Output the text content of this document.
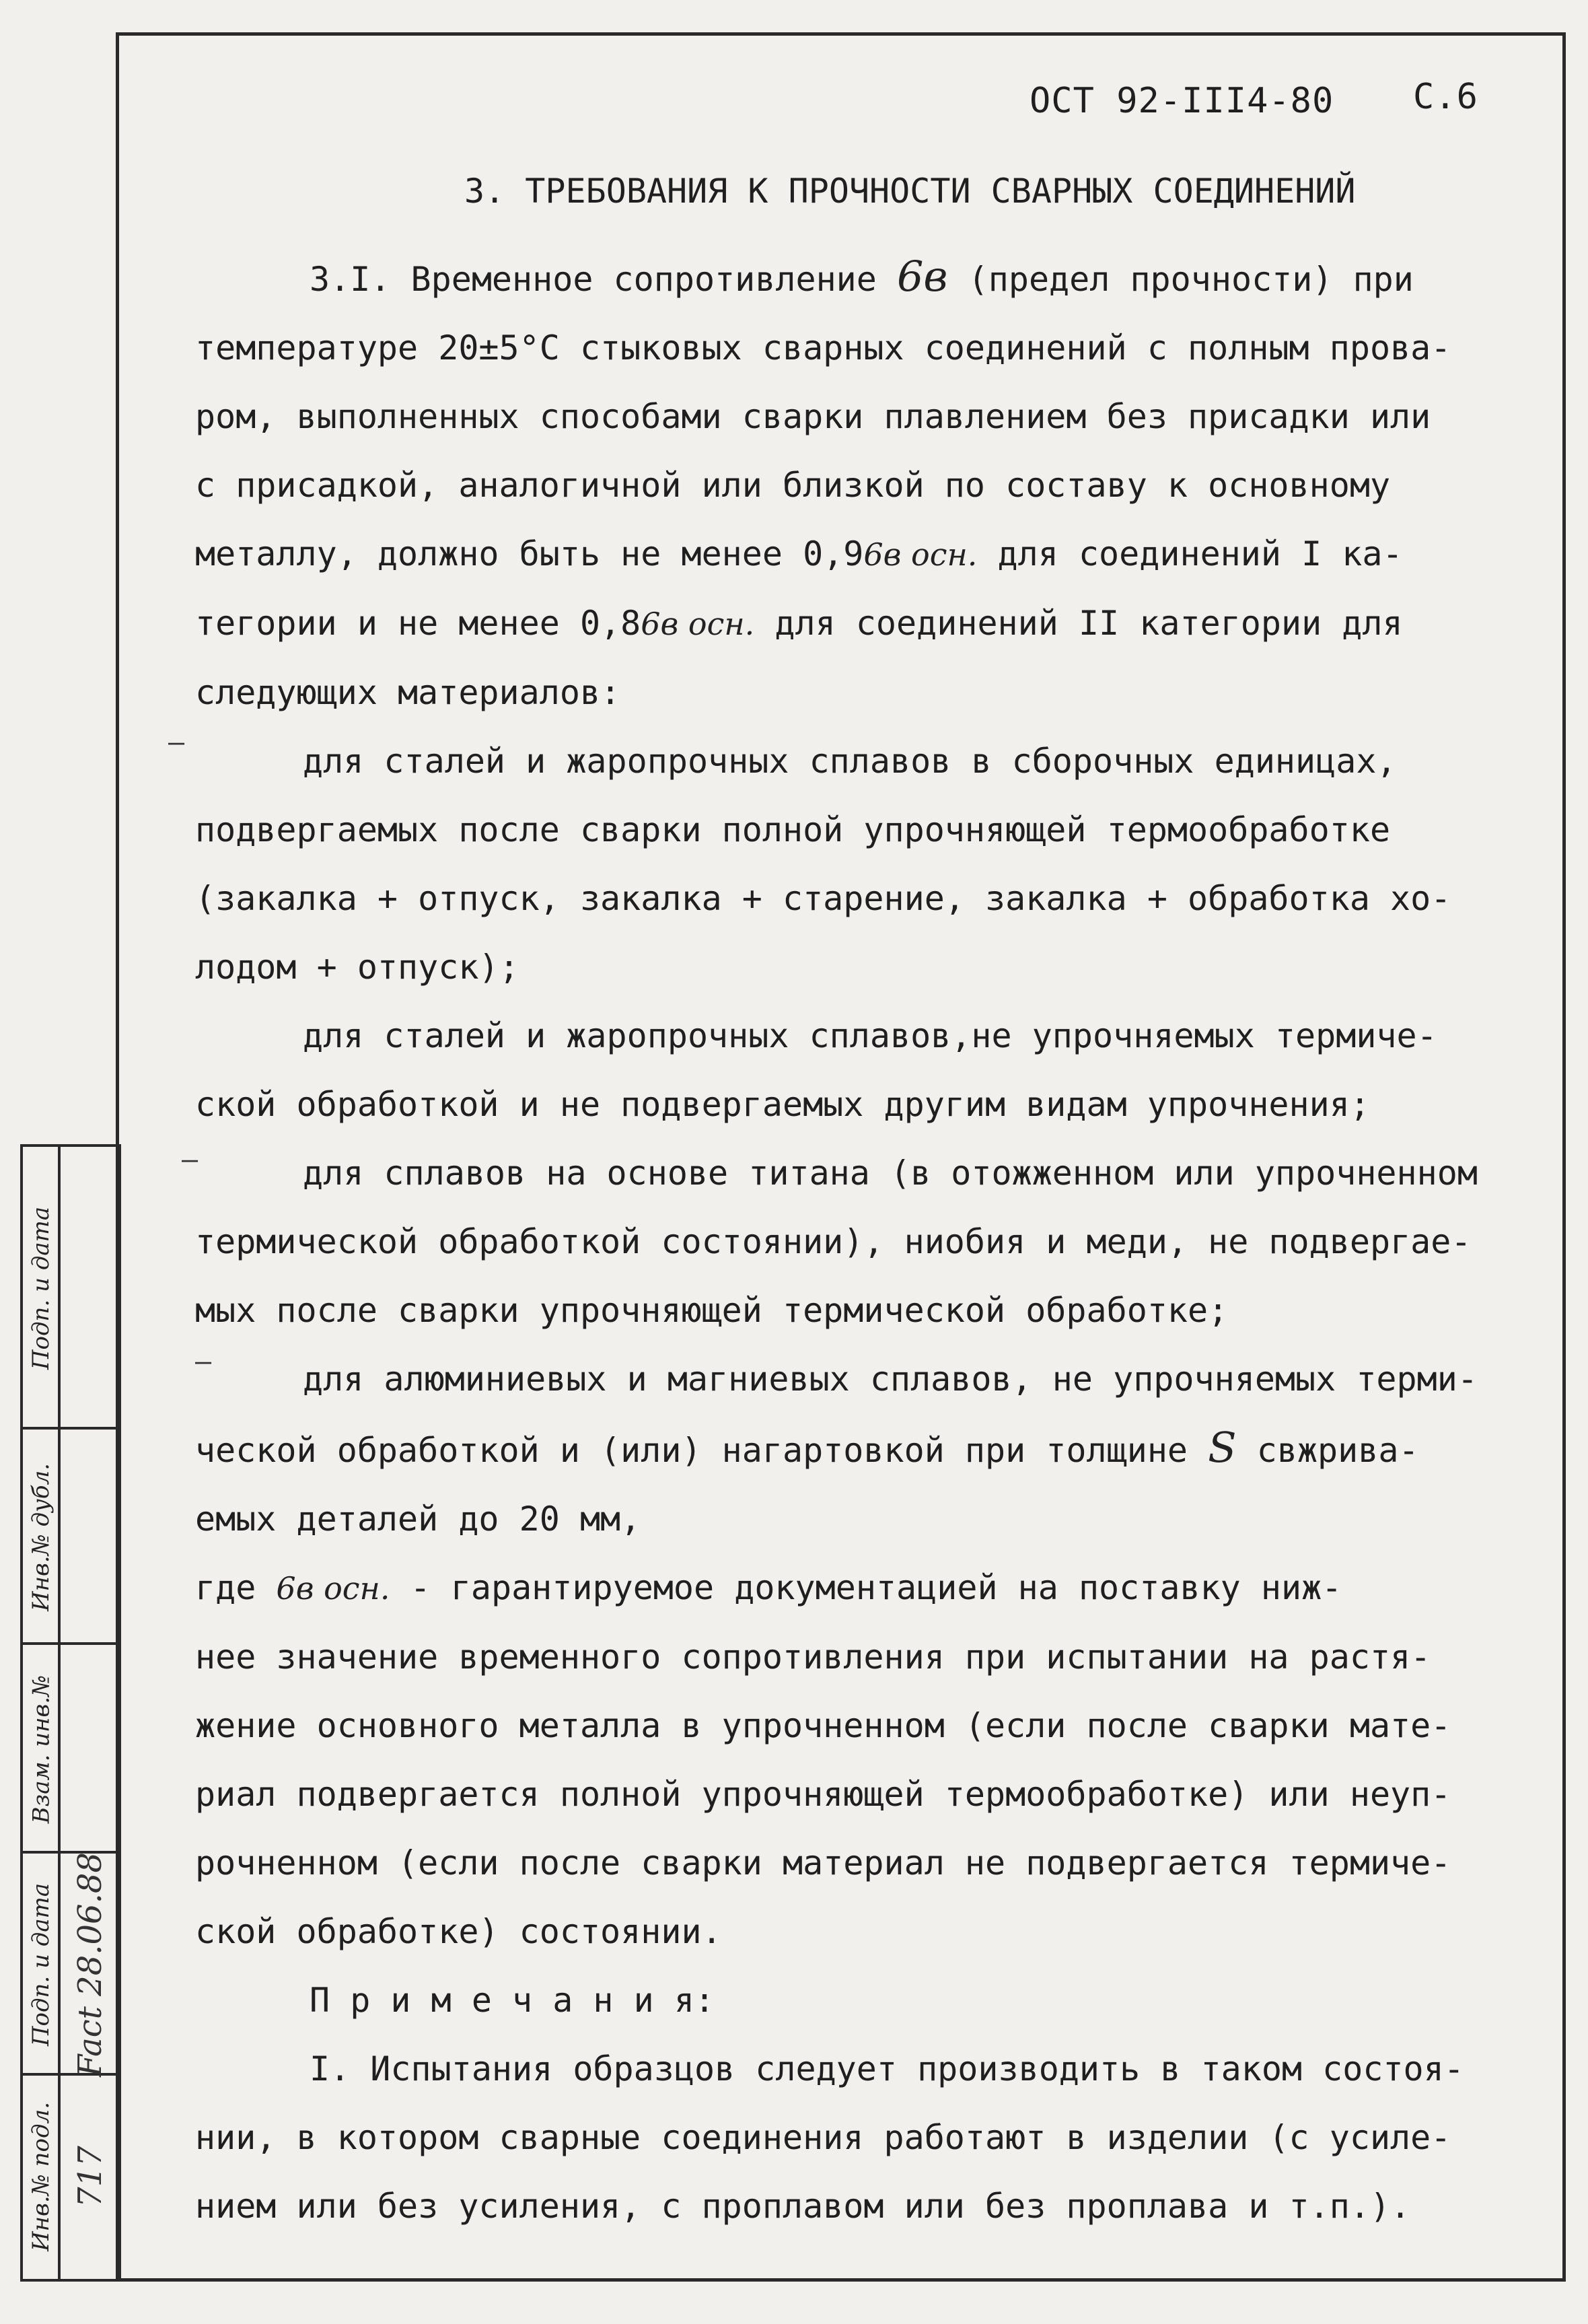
ОСТ 92-III4-80 С.6
3. ТРЕБОВАНИЯ К ПРОЧНОСТИ СВАРНЫХ СОЕДИНЕНИЙ

3.I. Временное сопротивление 6в (предел прочности) при

температуре 20±5°С стыковых сварных соединений с полным прова-

ром, выполненных способами сварки плавлением без присадки или

с присадкой, аналогичной или близкой по составу к основному

металлу, должно быть не менее 0,96в осн. для соединений I ка-

тегории и не менее 0,86в осн. для соединений II категории для

следующих материалов:

для сталей и жаропрочных сплавов в сборочных единицах,

подвергаемых после сварки полной упрочняющей термообработке

(закалка + отпуск, закалка + старение, закалка + обработка хо-

лодом + отпуск);

для сталей и жаропрочных сплавов,не упрочняемых термиче-

ской обработкой и не подвергаемых другим видам упрочнения;

для сплавов на основе титана (в отожженном или упрочненном

термической обработкой состоянии), ниобия и меди, не подвергае-

мых после сварки упрочняющей термической обработке;

для алюминиевых и магниевых сплавов, не упрочняемых терми-

ческой обработкой и (или) нагартовкой при толщине S свжрива-

емых деталей до 20 мм,

где 6в осн. - гарантируемое документацией на поставку ниж-

нее значение временного сопротивления при испытании на растя-

жение основного металла в упрочненном (если после сварки мате-

риал подвергается полной упрочняющей термообработке) или неуп-

рочненном (если после сварки материал не подвергается термиче-

ской обработке) состоянии.

П р и м е ч а н и я:

I. Испытания образцов следует производить в таком состоя-

нии, в котором сварные соединения работают в изделии (с усиле-

нием или без усиления, с проплавом или без проплава и т.п.).

—
—
—
Подп. и дата
Инв.№ дубл.
Взам. инв.№
Подп. и дата Fact 28.06.88
Инв.№ подл. 717
